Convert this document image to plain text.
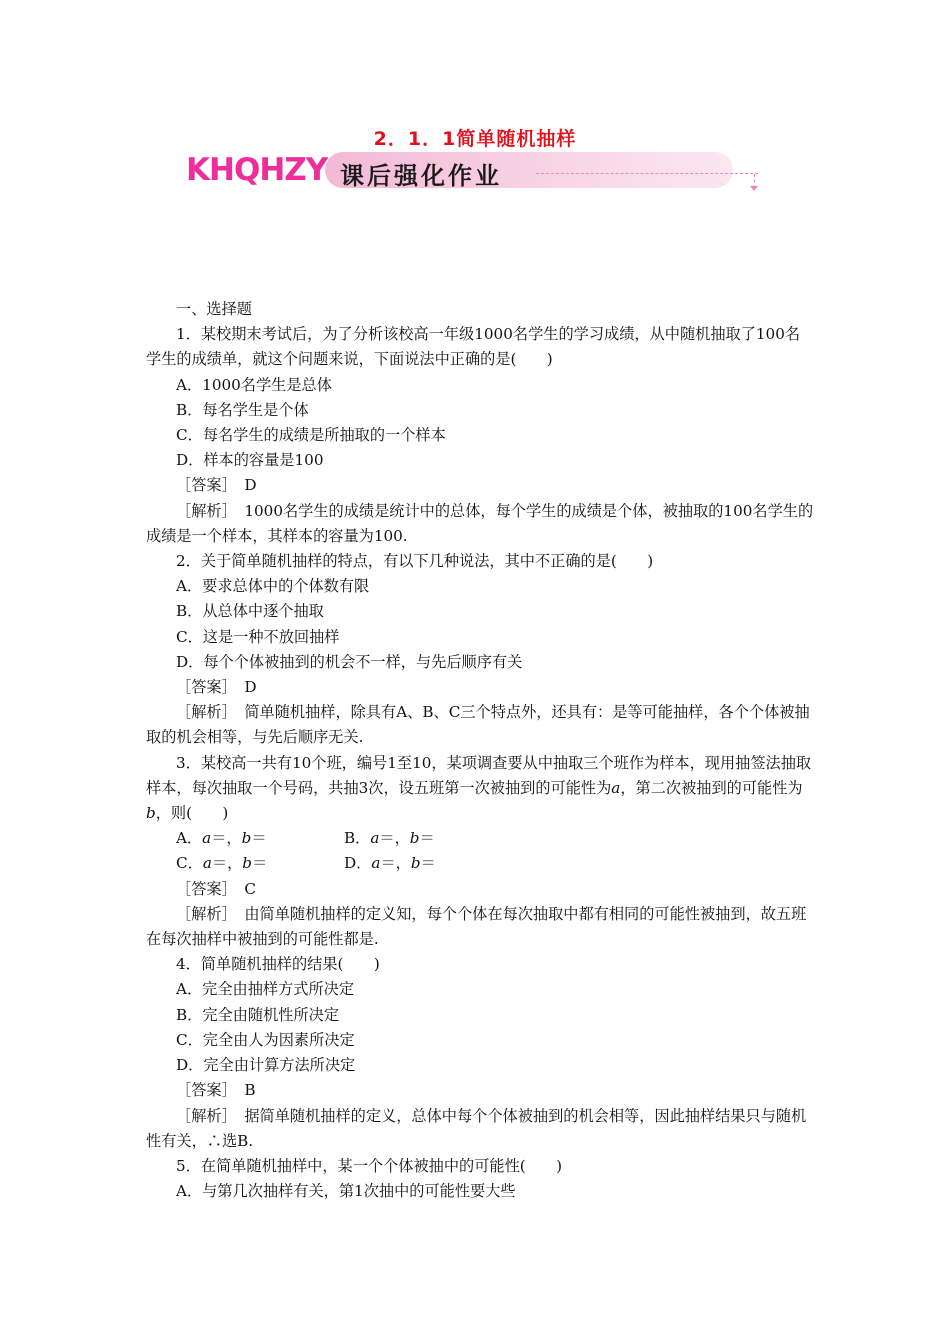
2．1．1简单随机抽样
KHQHZY 课后强化作业

一、选择题

1．某校期末考试后，为了分析该校高一年级1000名学生的学习成绩，从中随机抽取了100名学生的成绩单，就这个问题来说，下面说法中正确的是(　　)

A．1000名学生是总体

B．每名学生是个体

C．每名学生的成绩是所抽取的一个样本

D．样本的容量是100

［答案］　D

［解析］　1000名学生的成绩是统计中的总体，每个学生的成绩是个体，被抽取的100名学生的成绩是一个样本，其样本的容量为100.

2．关于简单随机抽样的特点，有以下几种说法，其中不正确的是(　　)

A．要求总体中的个体数有限

B．从总体中逐个抽取

C．这是一种不放回抽样

D．每个个体被抽到的机会不一样，与先后顺序有关

［答案］　D

［解析］　简单随机抽样，除具有A、B、C三个特点外，还具有：是等可能抽样，各个个体被抽取的机会相等，与先后顺序无关.

3．某校高一共有10个班，编号1至10，某项调查要从中抽取三个班作为样本，现用抽签法抽取样本，每次抽取一个号码，共抽3次，设五班第一次被抽到的可能性为a，第二次被抽到的可能性为b，则(　　)

A．a＝，b＝	B．a＝，b＝
C．a＝，b＝	D．a＝，b＝

［答案］　C

［解析］　由简单随机抽样的定义知，每个个体在每次抽取中都有相同的可能性被抽到，故五班在每次抽样中被抽到的可能性都是.

4．简单随机抽样的结果(　　)

A．完全由抽样方式所决定

B．完全由随机性所决定

C．完全由人为因素所决定

D．完全由计算方法所决定

［答案］　B

［解析］　据简单随机抽样的定义，总体中每个个体被抽到的机会相等，因此抽样结果只与随机性有关，∴选B.

5．在简单随机抽样中，某一个个体被抽中的可能性(　　)

A．与第几次抽样有关，第1次抽中的可能性要大些
